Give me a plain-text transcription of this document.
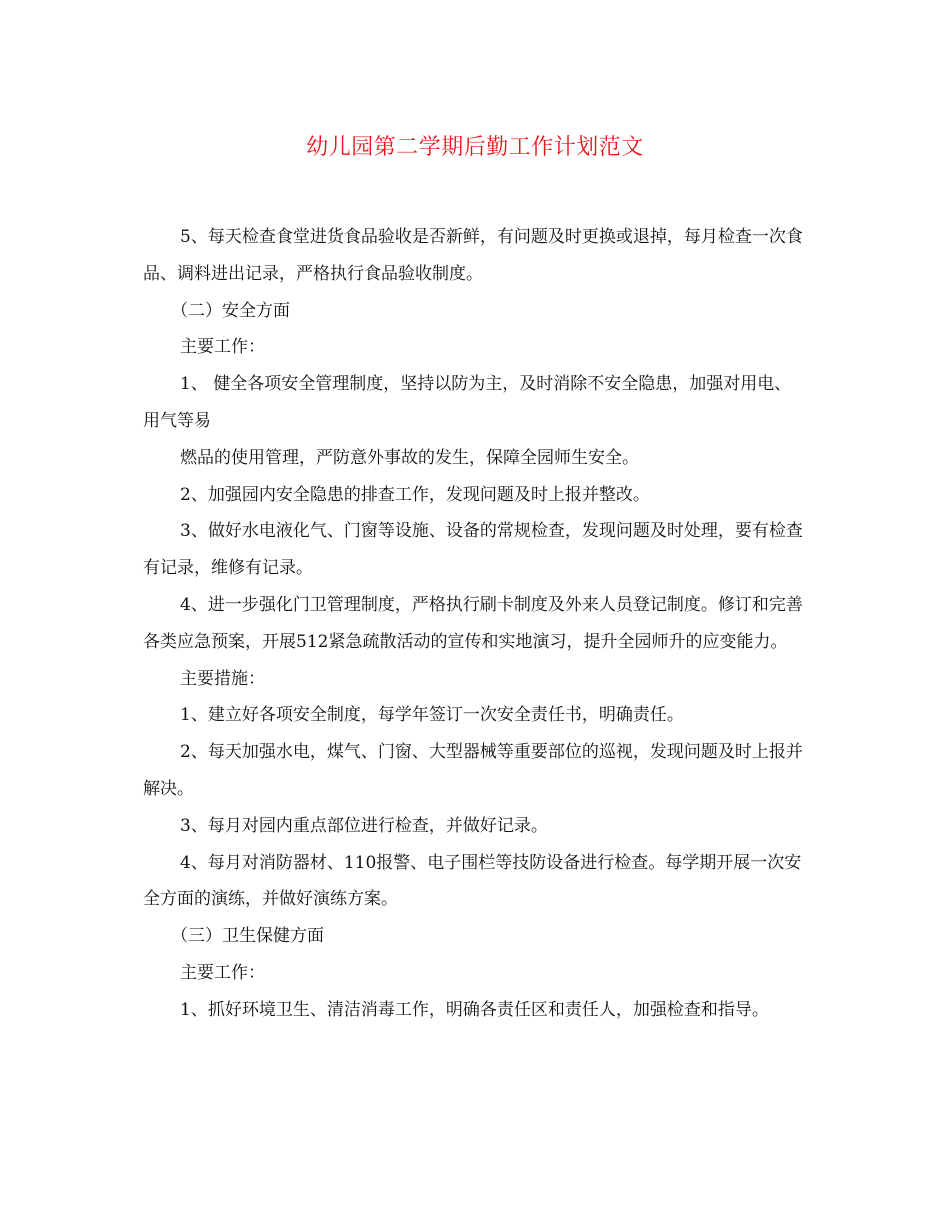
幼儿园第二学期后勤工作计划范文

5、每天检查食堂进货食品验收是否新鲜，有问题及时更换或退掉，每月检查一次食品、调料进出记录，严格执行食品验收制度。

（二）安全方面

主要工作：

1、 健全各项安全管理制度，坚持以防为主，及时消除不安全隐患，加强对用电、用气等易

燃品的使用管理，严防意外事故的发生，保障全园师生安全。

2、加强园内安全隐患的排查工作，发现问题及时上报并整改。

3、做好水电液化气、门窗等设施、设备的常规检查，发现问题及时处理，要有检查有记录，维修有记录。

4、进一步强化门卫管理制度，严格执行刷卡制度及外来人员登记制度。修订和完善各类应急预案，开展512紧急疏散活动的宣传和实地演习，提升全园师升的应变能力。

主要措施：

1、建立好各项安全制度，每学年签订一次安全责任书，明确责任。

2、每天加强水电，煤气、门窗、大型器械等重要部位的巡视，发现问题及时上报并解决。

3、每月对园内重点部位进行检查，并做好记录。

4、每月对消防器材、110报警、电子围栏等技防设备进行检查。每学期开展一次安全方面的演练，并做好演练方案。

（三）卫生保健方面

主要工作：

1、抓好环境卫生、清洁消毒工作，明确各责任区和责任人，加强检查和指导。
